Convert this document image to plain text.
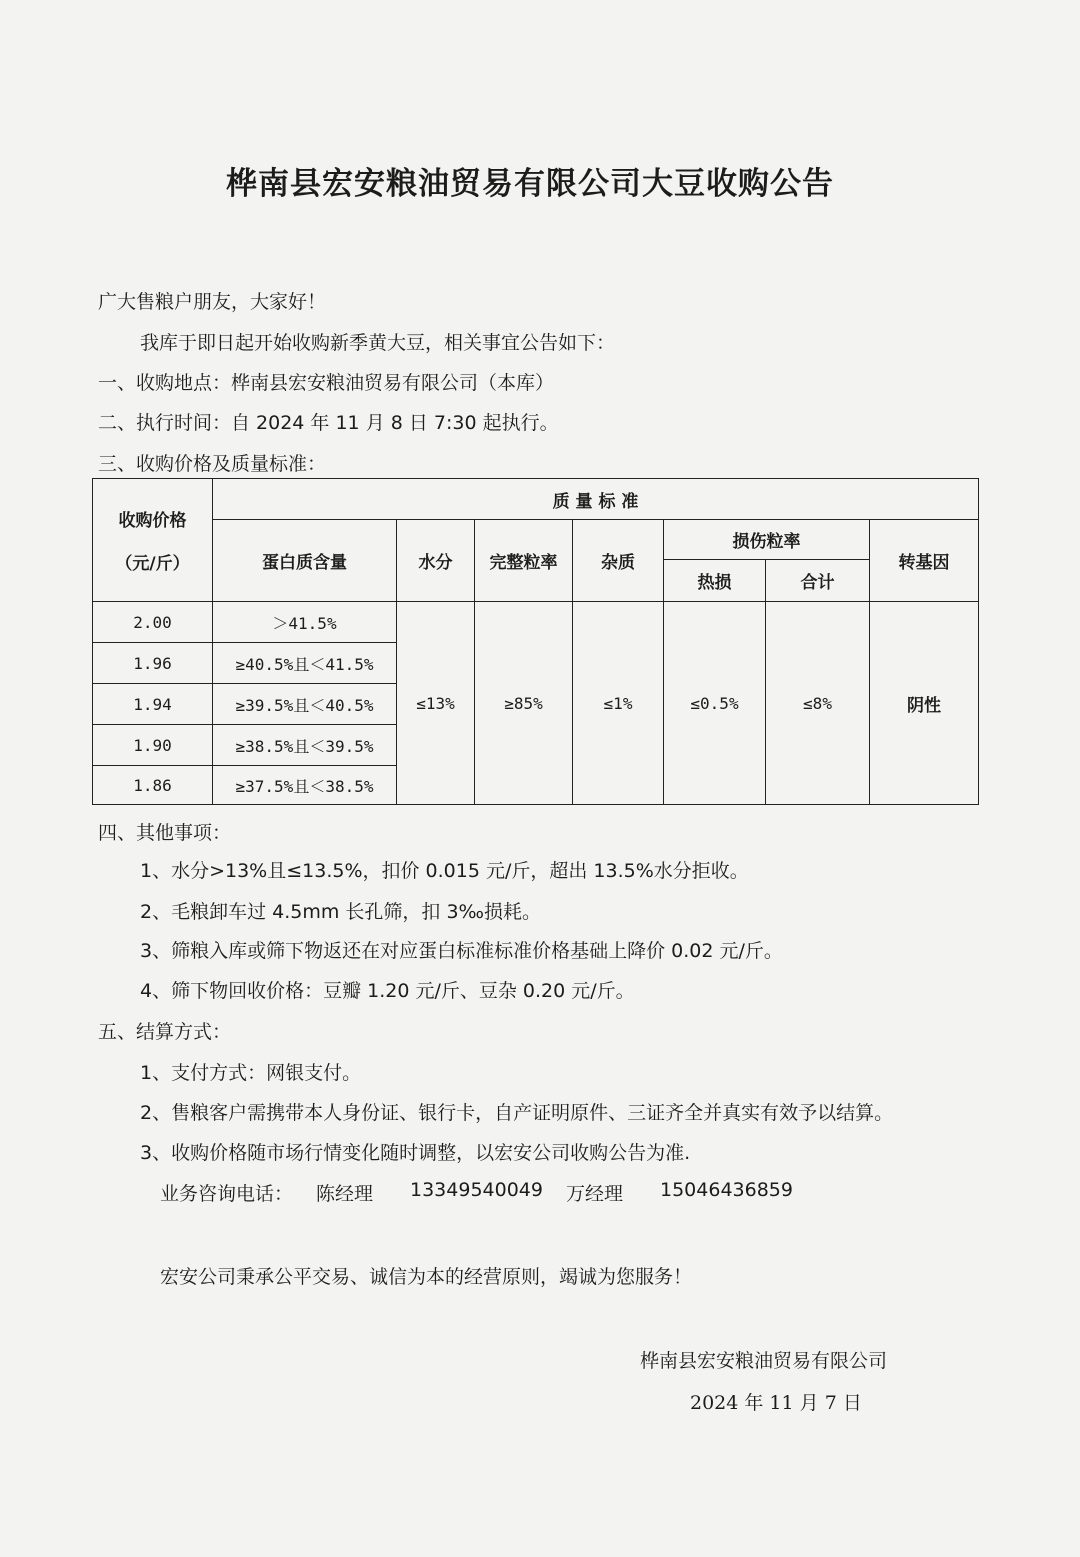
桦南县宏安粮油贸易有限公司大豆收购公告
广大售粮户朋友，大家好！
我库于即日起开始收购新季黄大豆，相关事宜公告如下：
一、收购地点：桦南县宏安粮油贸易有限公司（本库）
二、执行时间：自 2024 年 11 月 8 日 7:30 起执行。
三、收购价格及质量标准：
收购价格
（元/斤）	质 量 标 准						
	蛋白质含量	水分	完整粒率	杂质	损伤粒率		转基因
					热损	合计	
2.00	＞41.5%	≤13%	≥85%	≤1%	≤0.5%	≤8%	阴性
1.96	≥40.5%且＜41.5%						
1.94	≥39.5%且＜40.5%						
1.90	≥38.5%且＜39.5%						
1.86	≥37.5%且＜38.5%						
四、其他事项：
1、水分>13%且≤13.5%，扣价 0.015 元/斤，超出 13.5%水分拒收。
2、毛粮卸车过 4.5mm 长孔筛，扣 3‰损耗。
3、筛粮入库或筛下物返还在对应蛋白标准标准价格基础上降价 0.02 元/斤。
4、筛下物回收价格：豆瓣 1.20 元/斤、豆杂 0.20 元/斤。
五、结算方式：
1、支付方式：网银支付。
2、售粮客户需携带本人身份证、银行卡，自产证明原件、三证齐全并真实有效予以结算。
3、收购价格随市场行情变化随时调整，以宏安公司收购公告为准.
业务咨询电话： 陈经理 13349540049 万经理 15046436859
宏安公司秉承公平交易、诚信为本的经营原则，竭诚为您服务！
桦南县宏安粮油贸易有限公司
2024 年 11 月 7 日
